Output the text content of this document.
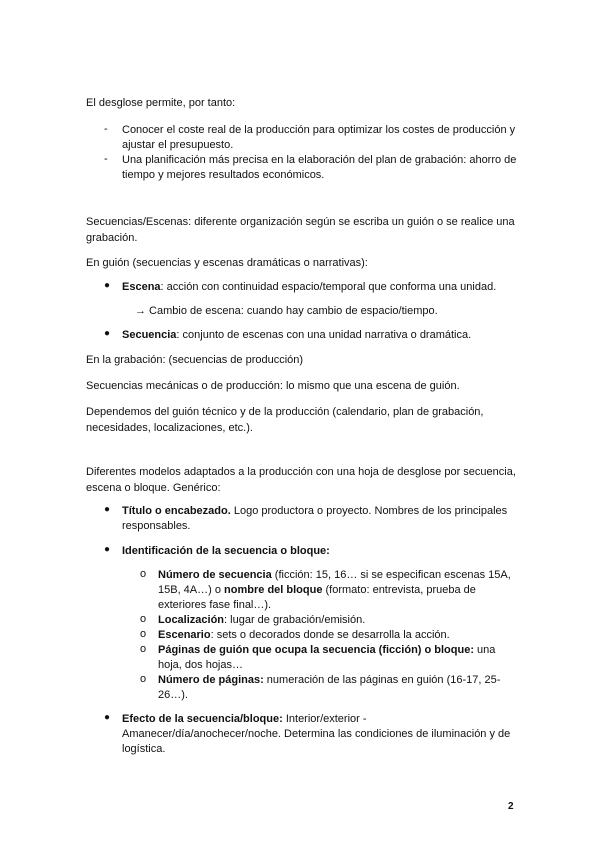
El desglose permite, por tanto:

- Conocer el coste real de la producción para optimizar los costes de producción y ajustar el presupuesto.
- Una planificación más precisa en la elaboración del plan de grabación: ahorro de tiempo y mejores resultados económicos.

Secuencias/Escenas: diferente organización según se escriba un guión o se realice una grabación.

En guión (secuencias y escenas dramáticas o narrativas):

● Escena: acción con continuidad espacio/temporal que conforma una unidad.

→ Cambio de escena: cuando hay cambio de espacio/tiempo.

● Secuencia: conjunto de escenas con una unidad narrativa o dramática.

En la grabación: (secuencias de producción)

Secuencias mecánicas o de producción: lo mismo que una escena de guión.

Dependemos del guión técnico y de la producción (calendario, plan de grabación, necesidades, localizaciones, etc.).

Diferentes modelos adaptados a la producción con una hoja de desglose por secuencia, escena o bloque. Genérico:

● Título o encabezado. Logo productora o proyecto. Nombres de los principales responsables.
● Identificación de la secuencia o bloque:
o Número de secuencia (ficción: 15, 16… si se especifican escenas 15A, 15B, 4A…) o nombre del bloque (formato: entrevista, prueba de exteriores fase final…).
o Localización: lugar de grabación/emisión.
o Escenario: sets o decorados donde se desarrolla la acción.
o Páginas de guión que ocupa la secuencia (ficción) o bloque: una hoja, dos hojas…
o Número de páginas: numeración de las páginas en guión (16-17, 25-26…).
● Efecto de la secuencia/bloque: Interior/exterior - Amanecer/día/anochecer/noche. Determina las condiciones de iluminación y de logística.
2
